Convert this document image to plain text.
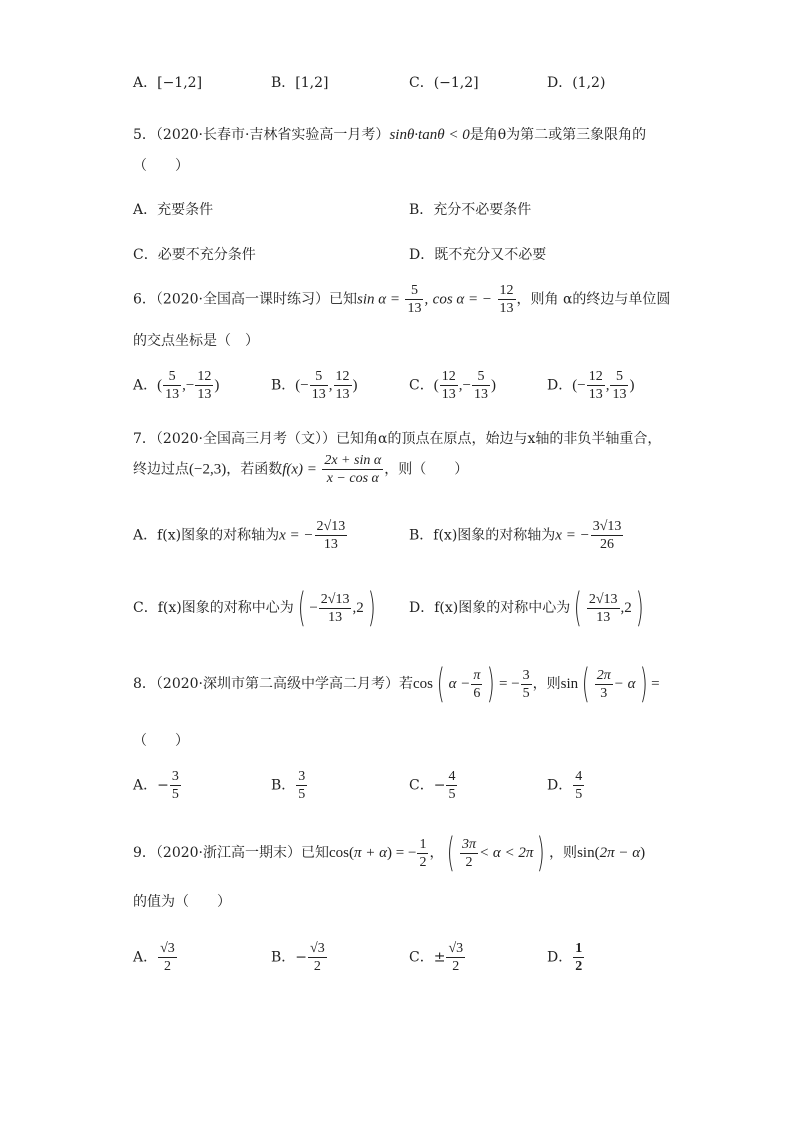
A．[−1,2]	B．[1,2]	C．(−1,2]	D．(1,2)
5．（2020·长春市·吉林省实验高一月考）sinθ·tanθ < 0是角θ为第二或第三象限角的
（　　）
A．充要条件	B．充分不必要条件
C．必要不充分条件	D．既不充分又不必要
6．（2020·全国高一课时练习）已知$\sin \alpha = \frac{5}{13}$ , cos α = − $\frac{12}{13}$ ，则角 α的终边与单位圆
的交点坐标是（　）
A．( $\frac{5}{13}$ ,− $\frac{12}{13}$ )	B．(− $\frac{5}{13}$ , $\frac{12}{13}$ )	C．( $\frac{12}{13}$ ,− $\frac{5}{13}$ )	D．(− $\frac{12}{13}$ , $\frac{5}{13}$ )
7．（2020·全国高三月考（文））已知角α的顶点在原点，始边与x轴的非负半轴重合，
终边过点(−2,3)，若函数$f(x) = \frac{\text{2x + sin α}}{\text{x − cos α}}$ ，则（　　）
A．f(x)图象的对称轴为x = − $\frac{2√13}{13}$	B．f(x)图象的对称轴为x = − $\frac{3√13}{26}$
C．f(x)图象的对称中心为( − $\frac{2√13}{13} ,2$) D．f(x)图象的对称中心为( $\frac{2√13}{13} ,2$)
8．（2020·深圳市第二高级中学高二月考）若cos( $\alpha - \frac{\pi}{6}$ ) = − $\frac{3}{5}$ ，则$\sin( \frac{2\pi}{3} - \alpha)$ =
（　　）
A．− $\frac{3}{5}$	B． $\frac{3}{5}$	C．− $\frac{4}{5}$	D． $\frac{4}{5}$
9．（2020·浙江高一期末）已知cos(π + α) = − $\frac{1}{2}$ ，( $\frac{3\pi}{2} < \alpha < 2\pi$) ，则sin(2π − α)
的值为（　　）
A． $\frac{√3}{2}$	B．− $\frac{√3}{2}$	C．± $\frac{√3}{2}$	D． $\frac{1}{2}$
